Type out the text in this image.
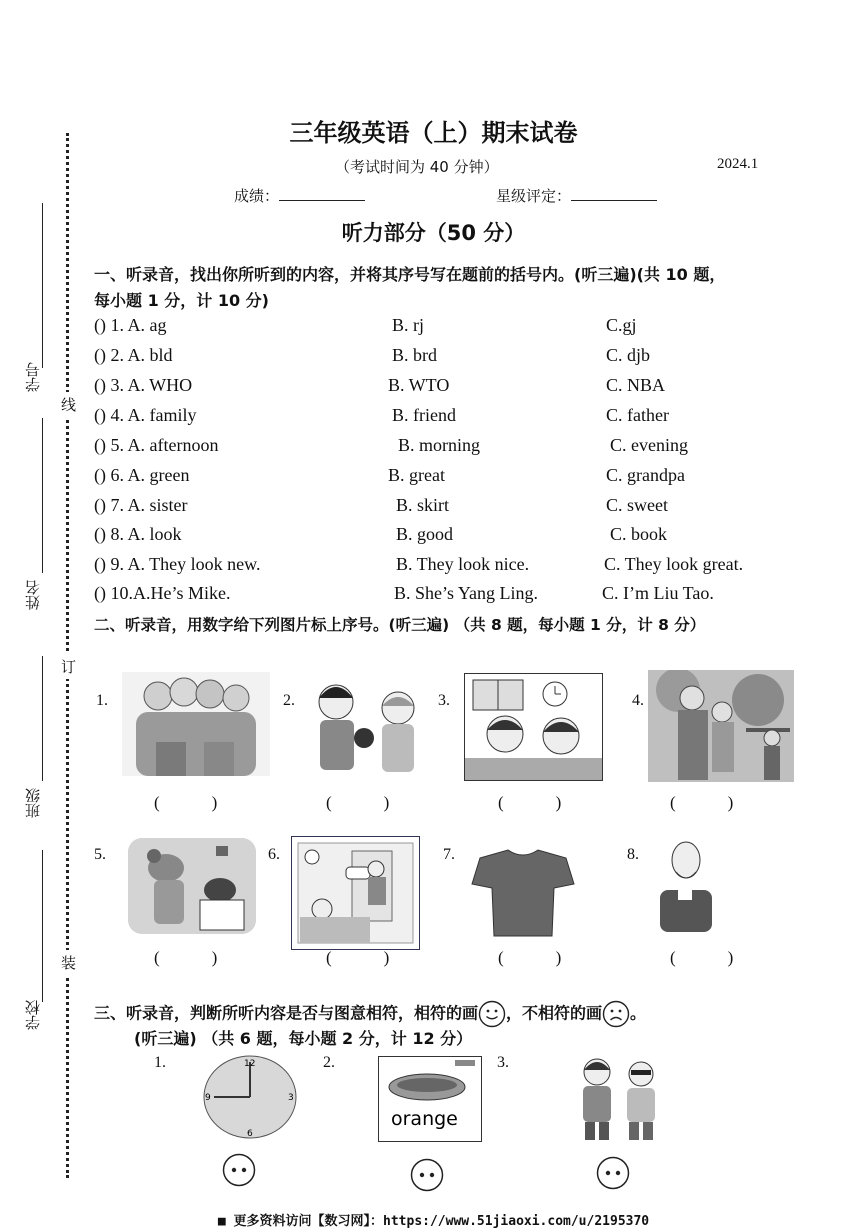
学号
姓名
班级
学校
线
订
装
三年级英语（上）期末试卷
（考试时间为 40 分钟）	2024.1
成绩：	星级评定：
听力部分（50 分）
一、听录音，找出你所听到的内容，并将其序号写在题前的括号内。(听三遍)(共 10 题，
每小题 1 分，计 10 分)
(
) 1. A. ag	B. rj	C.gj
(
) 2. A. bld	B. brd	C. djb
(
) 3. A. WHO	B. WTO	C. NBA
(
) 4. A. family	B. friend	C. father
(
) 5. A. afternoon	B. morning	C. evening
(
) 6. A. green	B. great	C. grandpa
(
) 7. A. sister	B. skirt	C. sweet
(
) 8. A. look	B. good	C. book
(
) 9. A. They look new.	B. They look nice.	C. They look great.
(
) 10.A.He’s Mike.	B. She’s Yang Ling.	C. I’m Liu Tao.
二、听录音，用数字给下列图片标上序号。(听三遍) （共 8 题，每小题 1 分，计 8 分）
1.	2.	3.	4.
(	)	(	)	(	)	(	)
5.	6.	7.	8.
(	)	(	)	(	)	(	)
三、听录音，判断所听内容是否与图意相符，相符的画 ，不相符的画 。
(听三遍) （共 6 题，每小题 2 分，计 12 分）
1.	12
9	3
6
2.
orange
3.
■ 更多资料访问【数习网】：https://www.51jiaoxi.com/u/2195370
